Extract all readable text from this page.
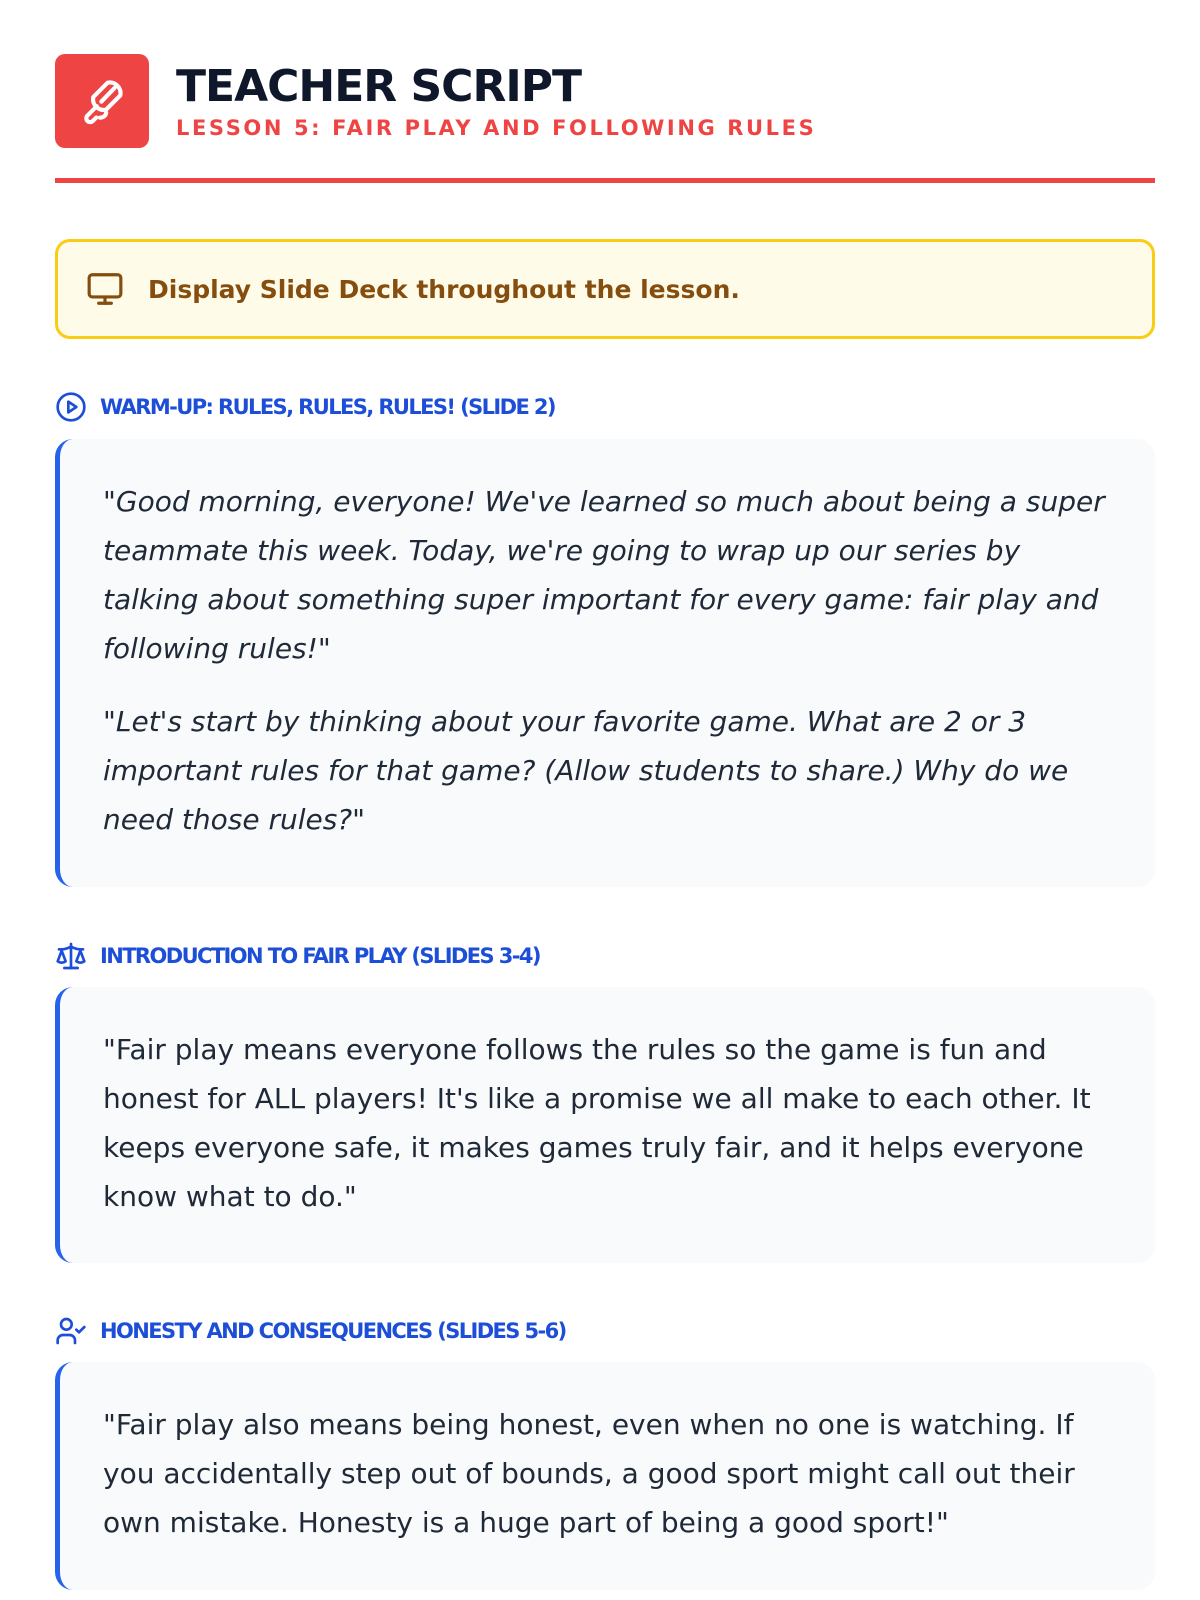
TEACHER SCRIPT
LESSON 5: FAIR PLAY AND FOLLOWING RULES
Display Slide Deck throughout the lesson.
WARM-UP: RULES, RULES, RULES! (SLIDE 2)

"Good morning, everyone! We've learned so much about being a super teammate this week. Today, we're going to wrap up our series by talking about something super important for every game: fair play and following rules!"

"Let's start by thinking about your favorite game. What are 2 or 3 important rules for that game? (Allow students to share.) Why do we need those rules?"

INTRODUCTION TO FAIR PLAY (SLIDES 3-4)

"Fair play means everyone follows the rules so the game is fun and honest for ALL players! It's like a promise we all make to each other. It keeps everyone safe, it makes games truly fair, and it helps everyone know what to do."

HONESTY AND CONSEQUENCES (SLIDES 5-6)

"Fair play also means being honest, even when no one is watching. If you accidentally step out of bounds, a good sport might call out their own mistake. Honesty is a huge part of being a good sport!"
